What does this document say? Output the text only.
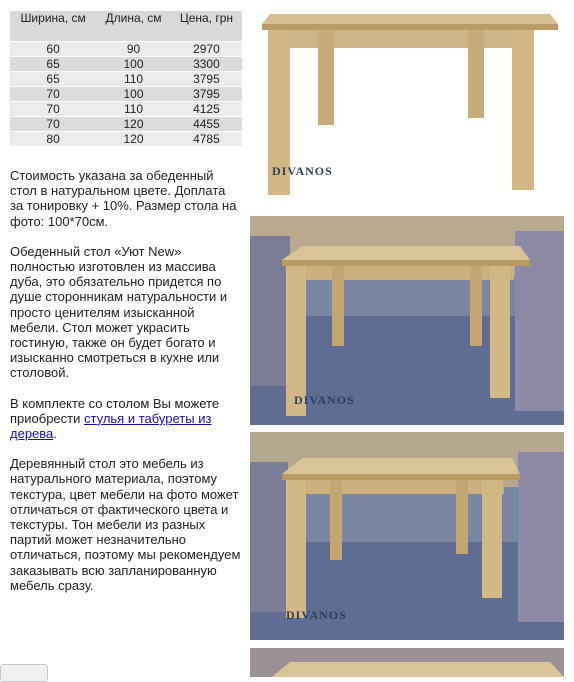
Ширина, см	Длина, см	Цена, грн
60	90	2970
65	100	3300
65	110	3795
70	100	3795
70	110	4125
70	120	4455
80	120	4785

Стоимость указана за обеденный стол в натуральном цвете. Доплата за тонировку + 10%. Размер стола на фото: 100*70см.

Обеденный стол «Уют New» полностью изготовлен из массива дуба, это обязательно придется по душе сторонникам натуральности и просто ценителям изысканной мебели. Стол может украсить гостиную, также он будет богато и изысканно смотреться в кухне или столовой.

В комплекте со столом Вы можете приобрести стулья и табуреты из дерева.

Деревянный стол это мебель из натурального материала, поэтому текстура, цвет мебели на фото может отличаться от фактического цвета и текстуры. Тон мебели из разных партий может незначительно отличаться, поэтому мы рекомендуем заказывать всю запланированную мебель сразу.

DIVANOS
DIVANOS
DIVANOS
